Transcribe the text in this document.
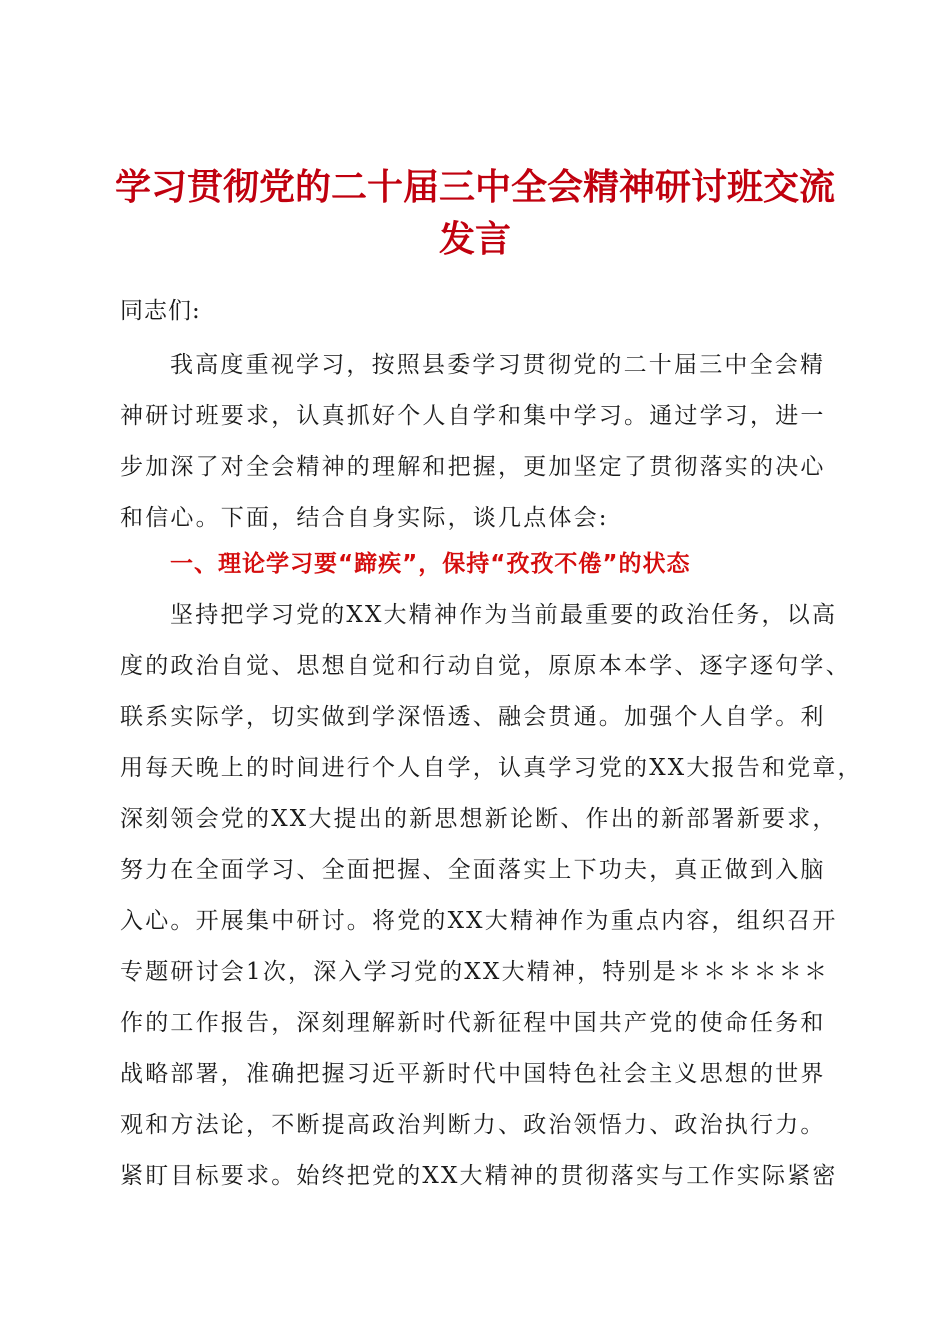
学习贯彻党的二十届三中全会精神研讨班交流
发言
同志们:
我高度重视学习，按照县委学习贯彻党的二十届三中全会精
神研讨班要求，认真抓好个人自学和集中学习。通过学习，进一
步加深了对全会精神的理解和把握，更加坚定了贯彻落实的决心
和信心。下面，结合自身实际，谈几点体会:
一、理论学习要“蹄疾”，保持“孜孜不倦”的状态
坚持把学习党的XX大精神作为当前最重要的政治任务，以高
度的政治自觉、思想自觉和行动自觉，原原本本学、逐字逐句学、
联系实际学，切实做到学深悟透、融会贯通。加强个人自学。利
用每天晚上的时间进行个人自学，认真学习党的XX大报告和党章，
深刻领会党的XX大提出的新思想新论断、作出的新部署新要求，
努力在全面学习、全面把握、全面落实上下功夫，真正做到入脑
入心。开展集中研讨。将党的XX大精神作为重点内容，组织召开
专题研讨会1次，深入学习党的XX大精神，特别是＊＊＊＊＊＊
作的工作报告，深刻理解新时代新征程中国共产党的使命任务和
战略部署，准确把握习近平新时代中国特色社会主义思想的世界
观和方法论，不断提高政治判断力、政治领悟力、政治执行力。
紧盯目标要求。始终把党的XX大精神的贯彻落实与工作实际紧密
